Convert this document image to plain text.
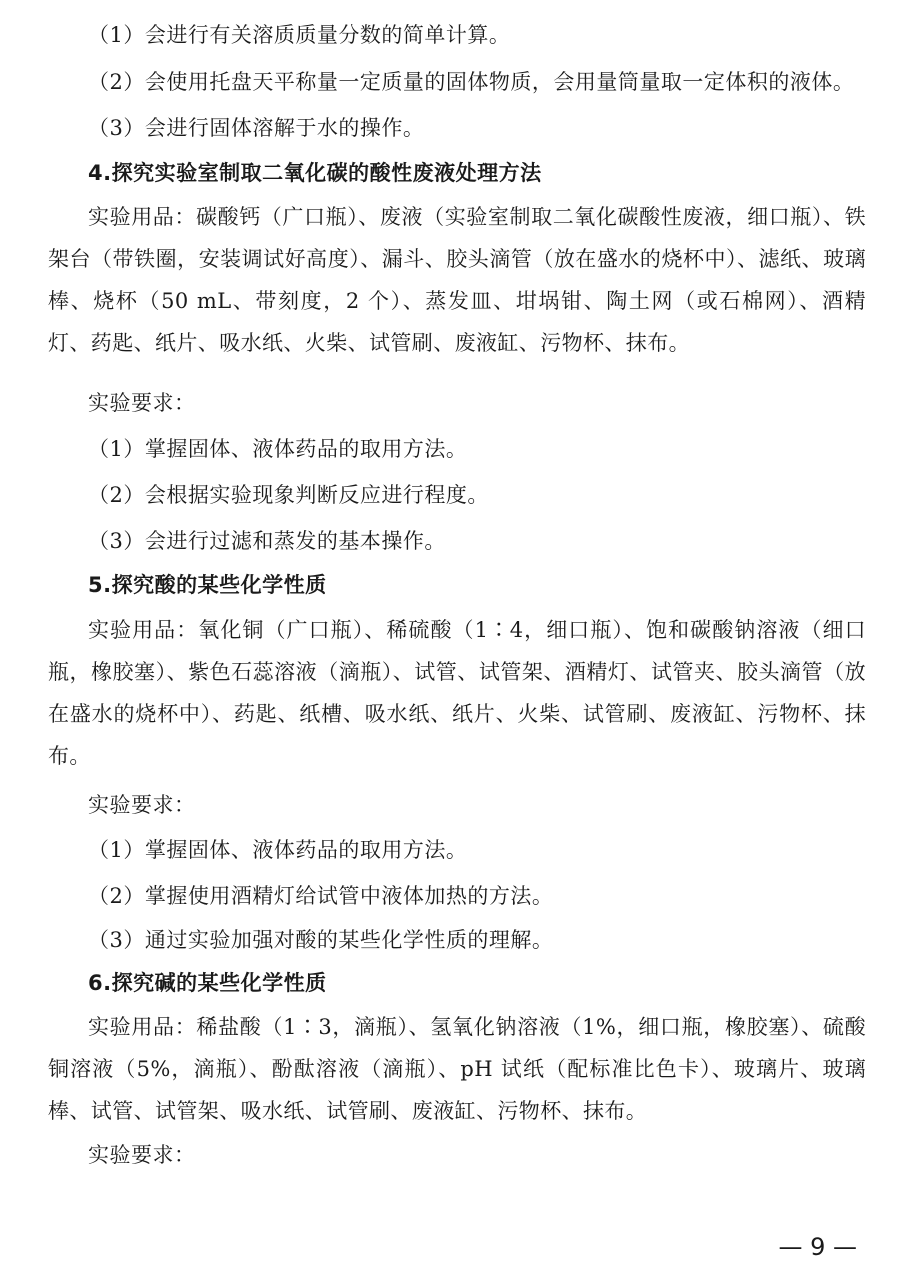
（1）会进行有关溶质质量分数的简单计算。
（2）会使用托盘天平称量一定质量的固体物质，会用量筒量取一定体积的液体。
（3）会进行固体溶解于水的操作。
4.探究实验室制取二氧化碳的酸性废液处理方法
实验用品：碳酸钙（广口瓶）、废液（实验室制取二氧化碳酸性废液，细口瓶）、铁架台（带铁圈，安装调试好高度）、漏斗、胶头滴管（放在盛水的烧杯中）、滤纸、玻璃棒、烧杯（50 mL、带刻度，2 个）、蒸发皿、坩埚钳、陶土网（或石棉网）、酒精灯、药匙、纸片、吸水纸、火柴、试管刷、废液缸、污物杯、抹布。
实验要求：
（1）掌握固体、液体药品的取用方法。
（2）会根据实验现象判断反应进行程度。
（3）会进行过滤和蒸发的基本操作。
5.探究酸的某些化学性质
实验用品：氧化铜（广口瓶）、稀硫酸（1∶4，细口瓶）、饱和碳酸钠溶液（细口瓶，橡胶塞）、紫色石蕊溶液（滴瓶）、试管、试管架、酒精灯、试管夹、胶头滴管（放在盛水的烧杯中）、药匙、纸槽、吸水纸、纸片、火柴、试管刷、废液缸、污物杯、抹布。
实验要求：
（1）掌握固体、液体药品的取用方法。
（2）掌握使用酒精灯给试管中液体加热的方法。
（3）通过实验加强对酸的某些化学性质的理解。
6.探究碱的某些化学性质
实验用品：稀盐酸（1∶3，滴瓶）、氢氧化钠溶液（1%，细口瓶，橡胶塞）、硫酸铜溶液（5%，滴瓶）、酚酞溶液（滴瓶）、pH 试纸（配标准比色卡）、玻璃片、玻璃棒、试管、试管架、吸水纸、试管刷、废液缸、污物杯、抹布。
实验要求：
— 9 —
